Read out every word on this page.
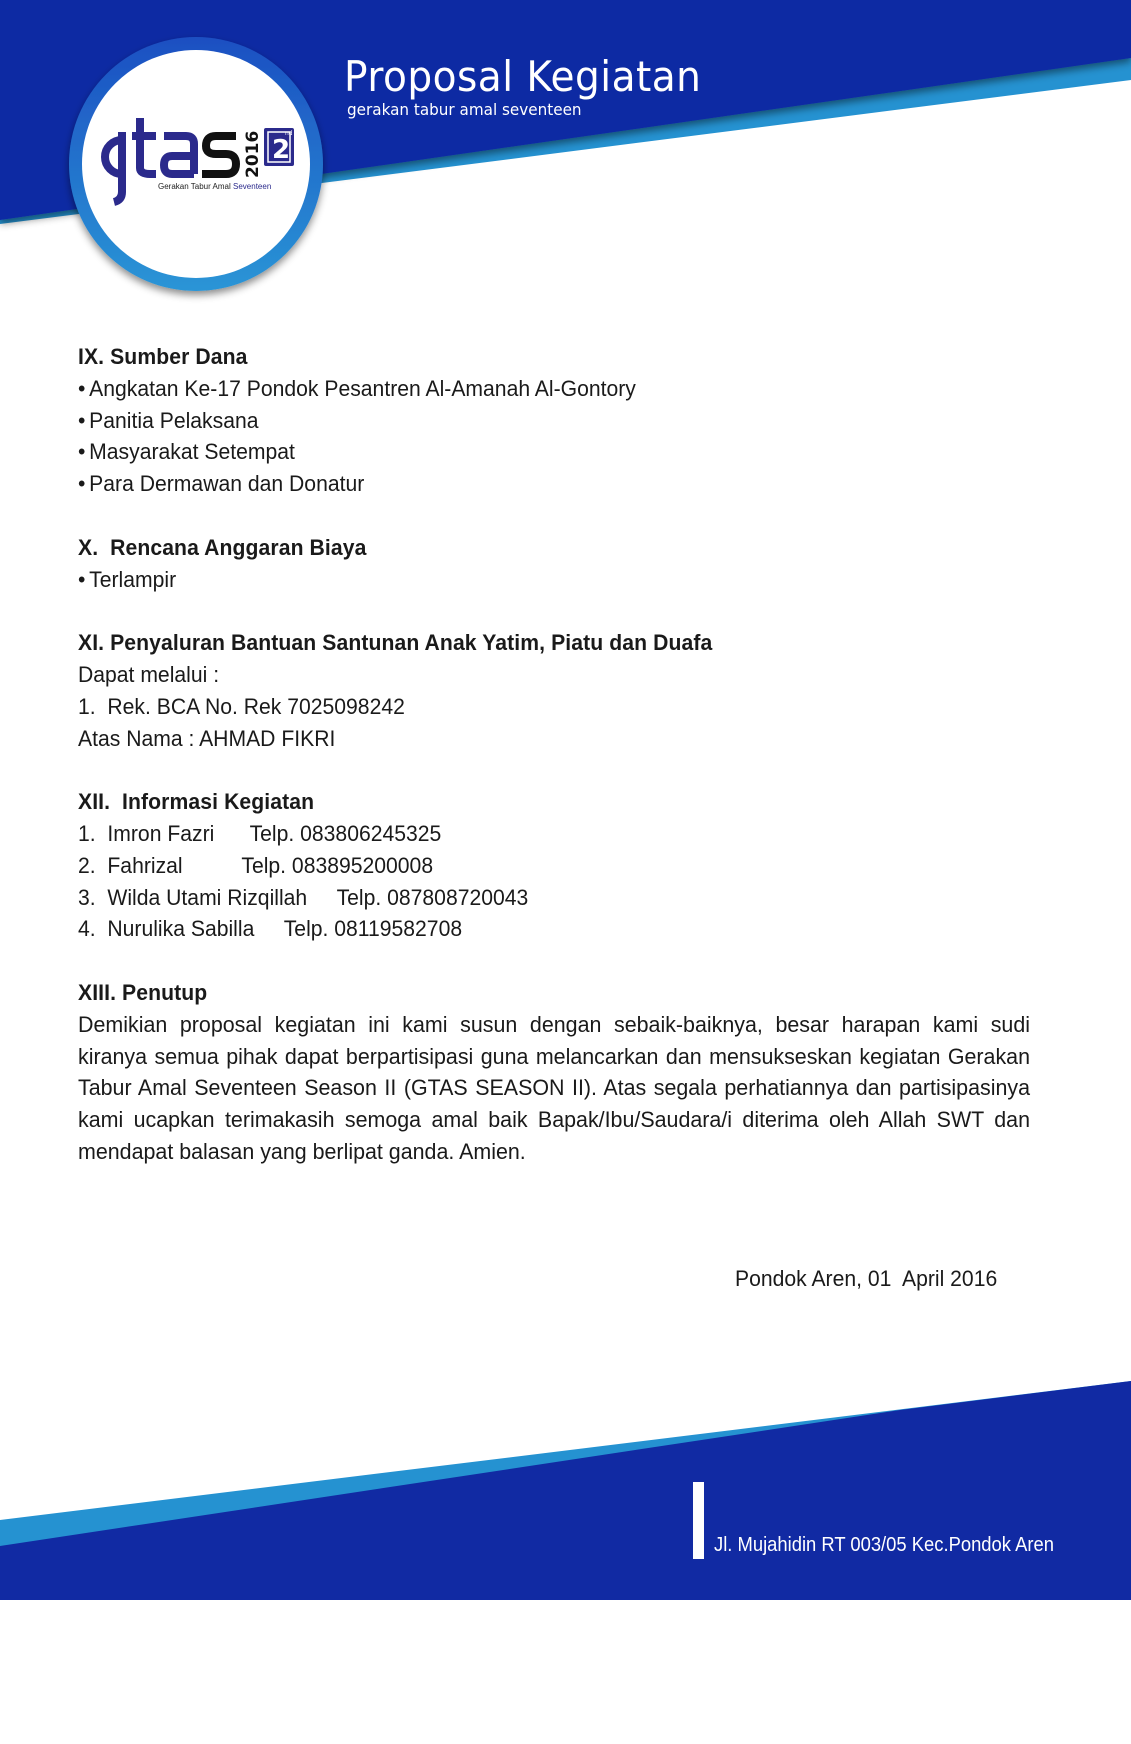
2016 2
nd
Gerakan Tabur Amal Seventeen
Proposal Kegiatan
gerakan tabur amal seventeen
IX. Sumber Dana
• Angkatan Ke-17 Pondok Pesantren Al-Amanah Al-Gontory
• Panitia Pelaksana
• Masyarakat Setempat
• Para Dermawan dan Donatur
X.  Rencana Anggaran Biaya
• Terlampir
XI. Penyaluran Bantuan Santunan Anak Yatim, Piatu dan Duafa
Dapat melalui :
1.  Rek. BCA No. Rek 7025098242
Atas Nama : AHMAD FIKRI
XII.  Informasi Kegiatan
1.  Imron Fazri Telp. 083806245325
2.  Fahrizal Telp. 083895200008
3.  Wilda Utami Rizqillah Telp. 087808720043
4.  Nurulika Sabilla Telp. 08119582708
XIII. Penutup
Demikian proposal kegiatan ini kami susun dengan sebaik-baiknya, besar harapan kami sudi kiranya semua pihak dapat berpartisipasi guna melancarkan dan mensukseskan kegiatan Gerakan Tabur Amal Seventeen Season II (GTAS SEASON II). Atas segala perhatiannya dan partisipasinya kami ucapkan terimakasih semoga amal baik Bapak/Ibu/Saudara/i diterima oleh Allah SWT dan mendapat balasan yang berlipat ganda. Amien.
Pondok Aren, 01  April 2016

Jl. Mujahidin RT 003/05 Kec.Pondok Aren

Kel. Perigi Baru Tangerang Selatan - Banten

Telp. 087771246527 / 083813578618
